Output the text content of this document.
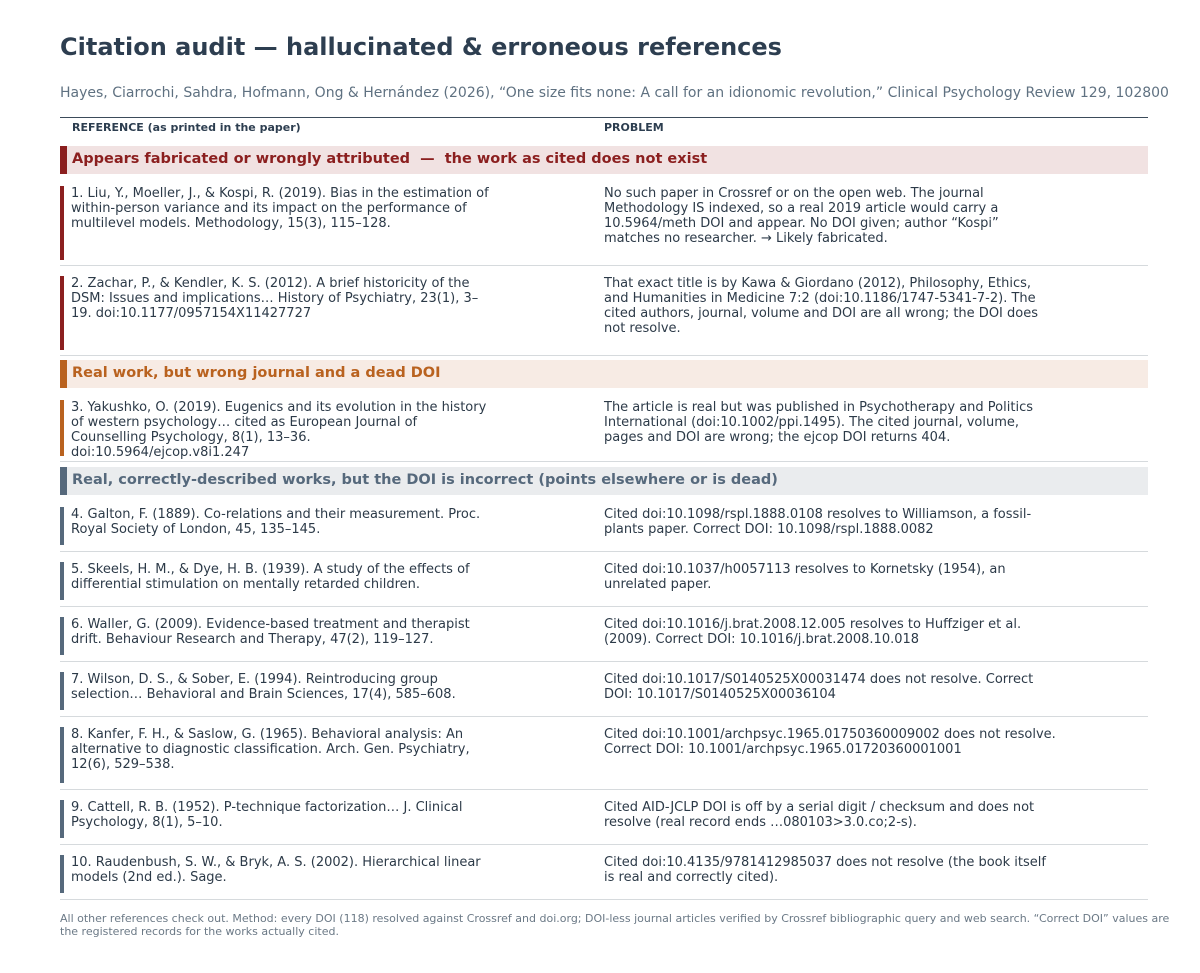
Citation audit — hallucinated & erroneous references
Hayes, Ciarrochi, Sahdra, Hofmann, Ong & Hernández (2026), “One size fits none: A call for an idionomic revolution,” Clinical Psychology Review 129, 102800
REFERENCE (as printed in the paper)	PROBLEM
Appears fabricated or wrongly attributed  —  the work as cited does not exist
1. Liu, Y., Moeller, J., & Kospi, R. (2019). Bias in the estimation of within-person variance and its impact on the performance of multilevel models. Methodology, 15(3), 115–128.
No such paper in Crossref or on the open web. The journal Methodology IS indexed, so a real 2019 article would carry a 10.5964/meth DOI and appear. No DOI given; author “Kospi” matches no researcher. → Likely fabricated.
2. Zachar, P., & Kendler, K. S. (2012). A brief historicity of the DSM: Issues and implications… History of Psychiatry, 23(1), 3–19. doi:10.1177/0957154X11427727
That exact title is by Kawa & Giordano (2012), Philosophy, Ethics, and Humanities in Medicine 7:2 (doi:10.1186/1747-5341-7-2). The cited authors, journal, volume and DOI are all wrong; the DOI does not resolve.
Real work, but wrong journal and a dead DOI
3. Yakushko, O. (2019). Eugenics and its evolution in the history of western psychology… cited as European Journal of Counselling Psychology, 8(1), 13–36. doi:10.5964/ejcop.v8i1.247
The article is real but was published in Psychotherapy and Politics International (doi:10.1002/ppi.1495). The cited journal, volume, pages and DOI are wrong; the ejcop DOI returns 404.
Real, correctly-described works, but the DOI is incorrect (points elsewhere or is dead)
4. Galton, F. (1889). Co-relations and their measurement. Proc. Royal Society of London, 45, 135–145.
Cited doi:10.1098/rspl.1888.0108 resolves to Williamson, a fossil-plants paper. Correct DOI: 10.1098/rspl.1888.0082
5. Skeels, H. M., & Dye, H. B. (1939). A study of the effects of differential stimulation on mentally retarded children.
Cited doi:10.1037/h0057113 resolves to Kornetsky (1954), an unrelated paper.
6. Waller, G. (2009). Evidence-based treatment and therapist drift. Behaviour Research and Therapy, 47(2), 119–127.
Cited doi:10.1016/j.brat.2008.12.005 resolves to Huffziger et al. (2009). Correct DOI: 10.1016/j.brat.2008.10.018
7. Wilson, D. S., & Sober, E. (1994). Reintroducing group selection… Behavioral and Brain Sciences, 17(4), 585–608.
Cited doi:10.1017/S0140525X00031474 does not resolve. Correct DOI: 10.1017/S0140525X00036104
8. Kanfer, F. H., & Saslow, G. (1965). Behavioral analysis: An alternative to diagnostic classification. Arch. Gen. Psychiatry, 12(6), 529–538.
Cited doi:10.1001/archpsyc.1965.01750360009002 does not resolve. Correct DOI: 10.1001/archpsyc.1965.01720360001001
9. Cattell, R. B. (1952). P-technique factorization… J. Clinical Psychology, 8(1), 5–10.
Cited AID-JCLP DOI is off by a serial digit / checksum and does not resolve (real record ends …080103>3.0.co;2-s).
10. Raudenbush, S. W., & Bryk, A. S. (2002). Hierarchical linear models (2nd ed.). Sage.
Cited doi:10.4135/9781412985037 does not resolve (the book itself is real and correctly cited).
All other references check out. Method: every DOI (118) resolved against Crossref and doi.org; DOI-less journal articles verified by Crossref bibliographic query and web search. “Correct DOI” values are the registered records for the works actually cited.
